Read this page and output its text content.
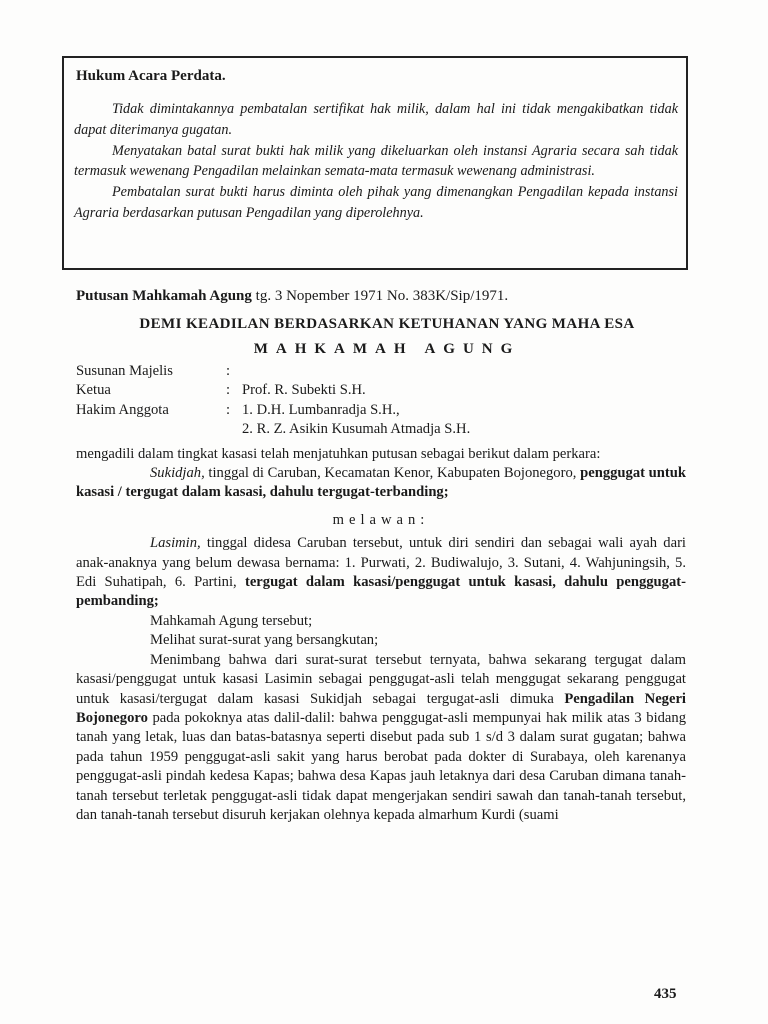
Hukum Acara Perdata.

Tidak dimintakannya pembatalan sertifikat hak milik, dalam hal ini tidak mengakibatkan tidak dapat diterimanya gugatan.

Menyatakan batal surat bukti hak milik yang dikeluarkan oleh instansi Agraria secara sah tidak termasuk wewenang Pengadilan melainkan semata-mata termasuk wewenang administrasi.

Pembatalan surat bukti harus diminta oleh pihak yang dimenangkan Pengadilan kepada instansi Agraria berdasarkan putusan Pengadilan yang diperolehnya.

Putusan Mahkamah Agung tg. 3 Nopember 1971 No. 383K/Sip/1971.
DEMI KEADILAN BERDASARKAN KETUHANAN YANG MAHA ESA
MAHKAMAH AGUNG
Susunan Majelis	:
Ketua	: Prof. R. Subekti S.H.
Hakim Anggota	: 1. D.H. Lumbanradja S.H.,
2. R. Z. Asikin Kusumah Atmadja S.H.

mengadili dalam tingkat kasasi telah menjatuhkan putusan sebagai berikut dalam perkara:

Sukidjah, tinggal di Caruban, Kecamatan Kenor, Kabupaten Bojonegoro, penggugat untuk kasasi / tergugat dalam kasasi, dahulu tergugat-terbanding;

melawan:

Lasimin, tinggal didesa Caruban tersebut, untuk diri sendiri dan sebagai wali ayah dari anak-anaknya yang belum dewasa bernama: 1. Purwati, 2. Budiwalujo, 3. Sutani, 4. Wahjuningsih, 5. Edi Suhatipah, 6. Partini, tergugat dalam kasasi/penggugat untuk kasasi, dahulu penggugat-pembanding;

Mahkamah Agung tersebut;

Melihat surat-surat yang bersangkutan;

Menimbang bahwa dari surat-surat tersebut ternyata, bahwa sekarang tergugat dalam kasasi/penggugat untuk kasasi Lasimin sebagai penggugat-asli telah menggugat sekarang penggugat untuk kasasi/tergugat dalam kasasi Sukidjah sebagai tergugat-asli dimuka Pengadilan Negeri Bojonegoro pada pokoknya atas dalil-dalil: bahwa penggugat-asli mempunyai hak milik atas 3 bidang tanah yang letak, luas dan batas-batasnya seperti disebut pada sub 1 s/d 3 dalam surat gugatan; bahwa pada tahun 1959 penggugat-asli sakit yang harus berobat pada dokter di Surabaya, oleh karenanya penggugat-asli pindah kedesa Kapas; bahwa desa Kapas jauh letaknya dari desa Caruban dimana tanah-tanah tersebut terletak penggugat-asli tidak dapat mengerjakan sendiri sawah dan tanah-tanah tersebut, dan tanah-tanah tersebut disuruh kerjakan olehnya kepada almarhum Kurdi (suami

435
